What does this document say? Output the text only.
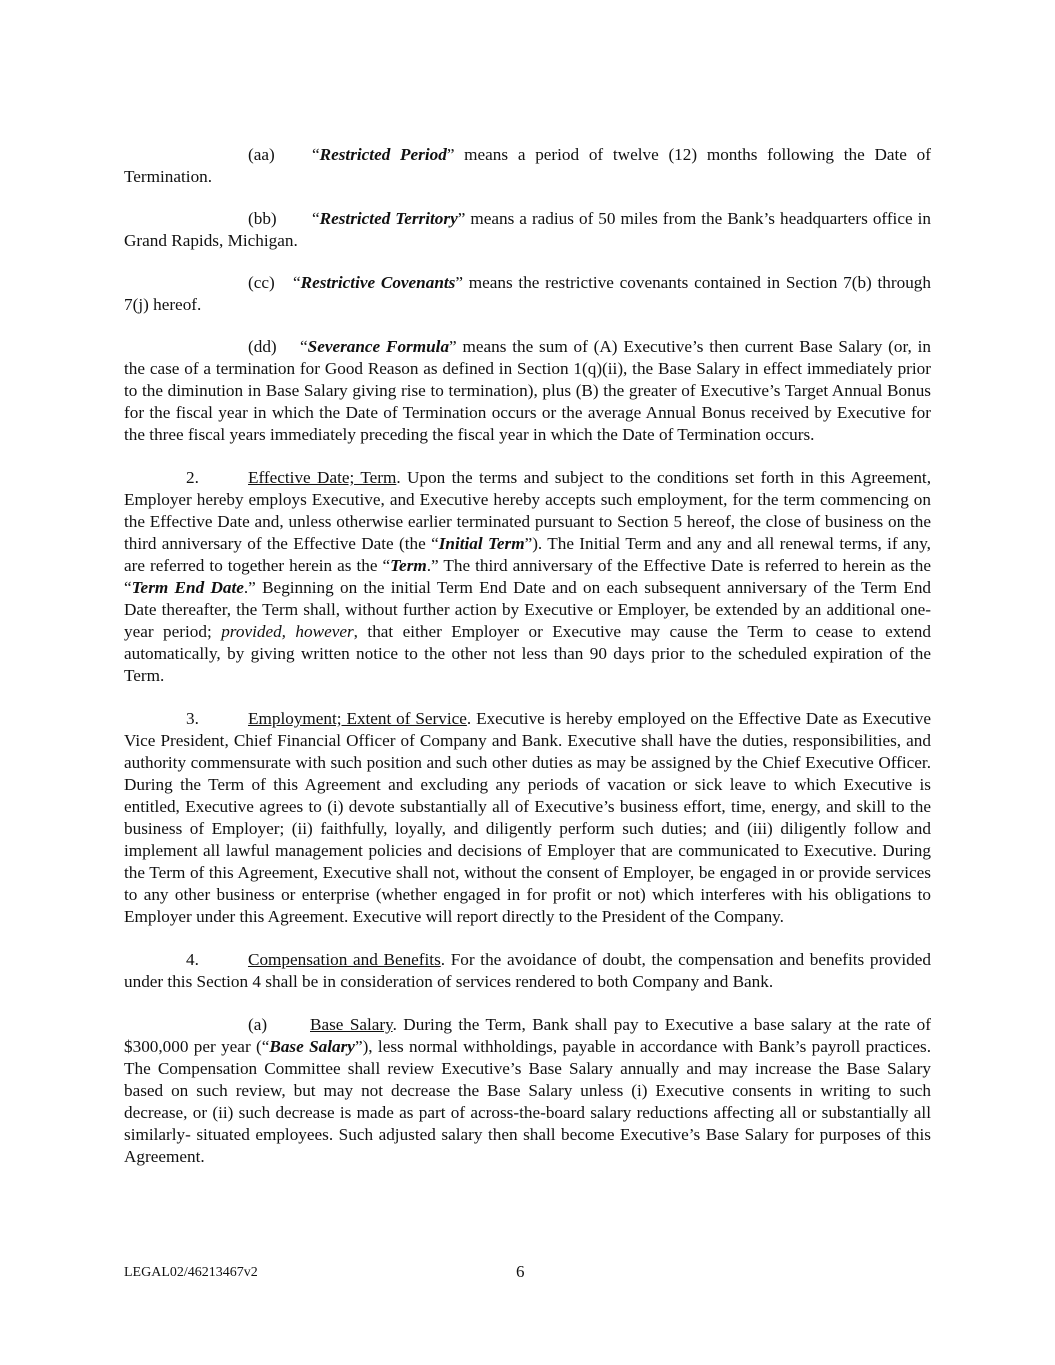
(aa) “Restricted Period” means a period of twelve (12) months following the Date of Termination.

(bb) “Restricted Territory” means a radius of 50 miles from the Bank’s headquarters office in Grand Rapids, Michigan.

(cc) “Restrictive Covenants” means the restrictive covenants contained in Section 7(b) through 7(j) hereof.

(dd) “Severance Formula” means the sum of (A) Executive’s then current Base Salary (or, in the case of a termination for Good Reason as defined in Section 1(q)(ii), the Base Salary in effect immediately prior to the diminution in Base Salary giving rise to termination), plus (B) the greater of Executive’s Target Annual Bonus for the fiscal year in which the Date of Termination occurs or the average Annual Bonus received by Executive for the three fiscal years immediately preceding the fiscal year in which the Date of Termination occurs.

2.	Effective Date; Term. Upon the terms and subject to the conditions set forth in this Agreement, Employer hereby employs Executive, and Executive hereby accepts such employment, for the term commencing on the Effective Date and, unless otherwise earlier terminated pursuant to Section 5 hereof, the close of business on the third anniversary of the Effective Date (the “Initial Term”). The Initial Term and any and all renewal terms, if any, are referred to together herein as the “Term.” The third anniversary of the Effective Date is referred to herein as the “Term End Date.” Beginning on the initial Term End Date and on each subsequent anniversary of the Term End Date thereafter, the Term shall, without further action by Executive or Employer, be extended by an additional one-year period; provided, however, that either Employer or Executive may cause the Term to cease to extend automatically, by giving written notice to the other not less than 90 days prior to the scheduled expiration of the Term.

3.	Employment; Extent of Service. Executive is hereby employed on the Effective Date as Executive Vice President, Chief Financial Officer of Company and Bank. Executive shall have the duties, responsibilities, and authority commensurate with such position and such other duties as may be assigned by the Chief Executive Officer. During the Term of this Agreement and excluding any periods of vacation or sick leave to which Executive is entitled, Executive agrees to (i) devote substantially all of Executive’s business effort, time, energy, and skill to the business of Employer; (ii) faithfully, loyally, and diligently perform such duties; and (iii) diligently follow and implement all lawful management policies and decisions of Employer that are communicated to Executive. During the Term of this Agreement, Executive shall not, without the consent of Employer, be engaged in or provide services to any other business or enterprise (whether engaged in for profit or not) which interferes with his obligations to Employer under this Agreement. Executive will report directly to the President of the Company.

4.	Compensation and Benefits. For the avoidance of doubt, the compensation and benefits provided under this Section 4 shall be in consideration of services rendered to both Company and Bank.

(a) Base Salary. During the Term, Bank shall pay to Executive a base salary at the rate of $300,000 per year (“Base Salary”), less normal withholdings, payable in accordance with Bank’s payroll practices. The Compensation Committee shall review Executive’s Base Salary annually and may increase the Base Salary based on such review, but may not decrease the Base Salary unless (i) Executive consents in writing to such decrease, or (ii) such decrease is made as part of across-the-board salary reductions affecting all or substantially all similarly- situated employees. Such adjusted salary then shall become Executive’s Base Salary for purposes of this Agreement.

LEGAL02/46213467v2	6
